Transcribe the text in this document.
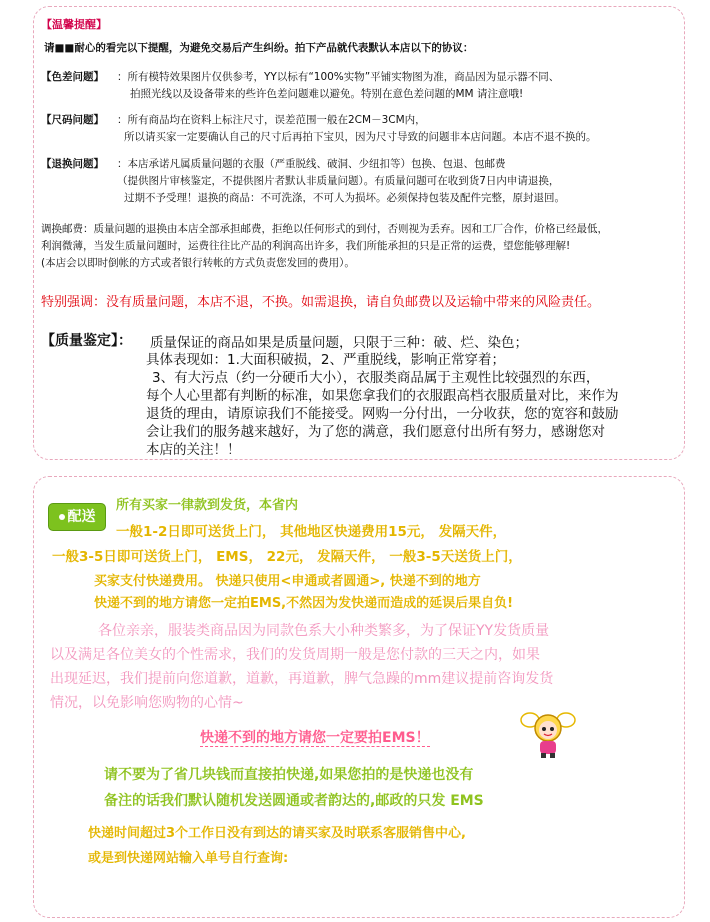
【温馨提醒】
请■■耐心的看完以下提醒，为避免交易后产生纠纷。拍下产品就代表默认本店以下的协议：
【色差问题】 ：所有模特效果图片仅供参考，YY以标有“100%实物”平铺实物图为准，商品因为显示器不同、
拍照光线以及设备带来的些许色差问题难以避免。特别在意色差问题的MM 请注意哦!
【尺码问题】 ：所有商品均在资料上标注尺寸，误差范围一般在2CM－3CM内，
所以请买家一定要确认自己的尺寸后再拍下宝贝，因为尺寸导致的问题非本店问题。本店不退不换的。
【退换问题】 ：本店承诺凡属质量问题的衣服（严重脱线、破洞、少纽扣等）包换、包退、包邮费
（提供图片审核鉴定，不提供图片者默认非质量问题）。有质量问题可在收到货7日内申请退换，
过期不予受理！退换的商品：不可洗涤，不可人为损坏。必须保持包装及配件完整，原封退回。
调换邮费：质量问题的退换由本店全部承担邮费，拒绝以任何形式的到付，否则视为丢弃。因和工厂合作，价格已经最低，
利润微薄，当发生质量问题时，运费往往比产品的利润高出许多，我们所能承担的只是正常的运费，望您能够理解!
(本店会以即时倒帐的方式或者银行转帐的方式负责您发回的费用）。
特别强调：没有质量问题，本店不退，不换。如需退换，请自负邮费以及运输中带来的风险责任。
【质量鉴定】： 质量保证的商品如果是质量问题，只限于三种：破、烂、染色；
具体表现如：1.大面积破损，2、严重脱线，影响正常穿着；
3、有大污点（约一分硬币大小），衣服类商品属于主观性比较强烈的东西，
每个人心里都有判断的标准，如果您拿我们的衣服跟高档衣服质量对比，来作为
退货的理由，请原谅我们不能接受。网购一分付出，一分收获，您的宽容和鼓励
会让我们的服务越来越好，为了您的满意，我们愿意付出所有努力，感谢您对
本店的关注！！
配送
所有买家一律款到发货，本省内
一般1-2日即可送货上门， 其他地区快递费用15元， 发隔天件，
一般3-5日即可送货上门， EMS， 22元， 发隔天件， 一般3-5天送货上门，
买家支付快递费用。 快递只使用<申通或者圆通>, 快递不到的地方
快递不到的地方请您一定拍EMS,不然因为发快递而造成的延误后果自负!
各位亲亲，服装类商品因为同款色系大小种类繁多，为了保证YY发货质量
以及满足各位美女的个性需求，我们的发货周期一般是您付款的三天之内，如果
出现延迟，我们提前向您道歉，道歉，再道歉，脾气急躁的mm建议提前咨询发货
情况，以免影响您购物的心情~
快递不到的地方请您一定要拍EMS！
请不要为了省几块钱而直接拍快递,如果您拍的是快递也没有
备注的话我们默认随机发送圆通或者韵达的,邮政的只发 EMS
快递时间超过3个工作日没有到达的请买家及时联系客服销售中心,
或是到快递网站输入单号自行查询:
